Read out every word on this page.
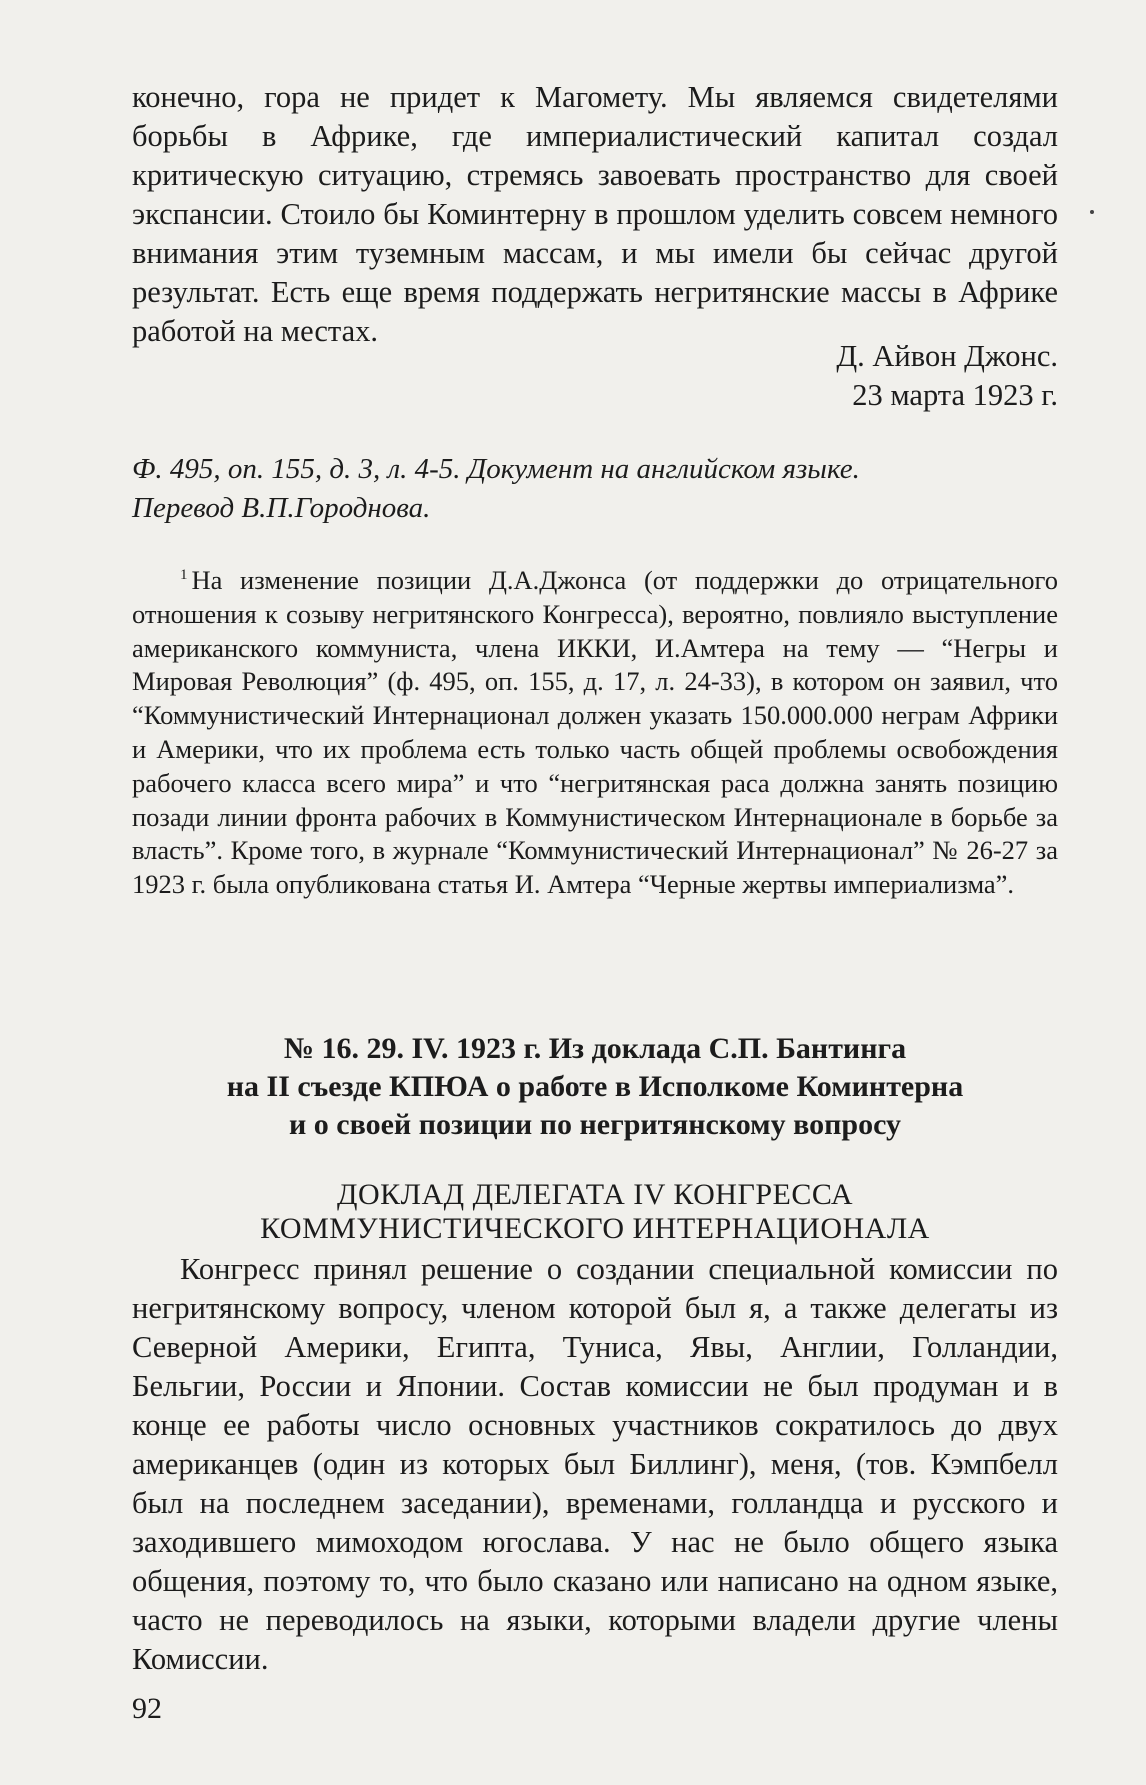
конечно, гора не придет к Магомету. Мы являемся свидетелями борьбы в Африке, где империалистический капитал создал критическую ситуацию, стремясь завоевать пространство для своей экспансии. Стоило бы Коминтерну в прошлом уделить совсем немного внимания этим туземным массам, и мы имели бы сейчас другой результат. Есть еще время поддержать негритянские массы в Африке работой на местах.

Д. Айвон Джонс.

23 марта 1923 г.

Ф. 495, оп. 155, д. 3, л. 4-5. Документ на английском языке.

Перевод В.П.Городнова.

$^1$ На изменение позиции Д.А.Джонса (от поддержки до отрицательного отношения к созыву негритянского Конгресса), вероятно, повлияло выступление американского коммуниста, члена ИККИ, И.Амтера на тему — “Негры и Мировая Революция” (ф. 495, оп. 155, д. 17, л. 24-33), в котором он заявил, что “Коммунистический Интернационал должен указать 150.000.000 неграм Африки и Америки, что их проблема есть только часть общей проблемы освобождения рабочего класса всего мира” и что “негритянская раса должна занять позицию позади линии фронта рабочих в Коммунистическом Интернационале в борьбе за власть”. Кроме того, в журнале “Коммунистический Интернационал” № 26-27 за 1923 г. была опубликована статья И. Амтера “Черные жертвы империализма”.

№ 16. 29. IV. 1923 г. Из доклада С.П. Бантинга

на II съезде КПЮА о работе в Исполкоме Коминтерна

и о своей позиции по негритянскому вопросу

ДОКЛАД ДЕЛЕГАТА IV КОНГРЕССА

КОММУНИСТИЧЕСКОГО ИНТЕРНАЦИОНАЛА

Конгресс принял решение о создании специальной комиссии по негритянскому вопросу, членом которой был я, а также делегаты из Северной Америки, Египта, Туниса, Явы, Англии, Голландии, Бельгии, России и Японии. Состав комиссии не был продуман и в конце ее работы число основных участников сократилось до двух американцев (один из которых был Биллинг), меня, (тов. Кэмпбелл был на последнем заседании), временами, голландца и русского и заходившего мимоходом югослава. У нас не было общего языка общения, поэтому то, что было сказано или написано на одном языке, часто не переводилось на языки, которыми владели другие члены Комиссии.

92
